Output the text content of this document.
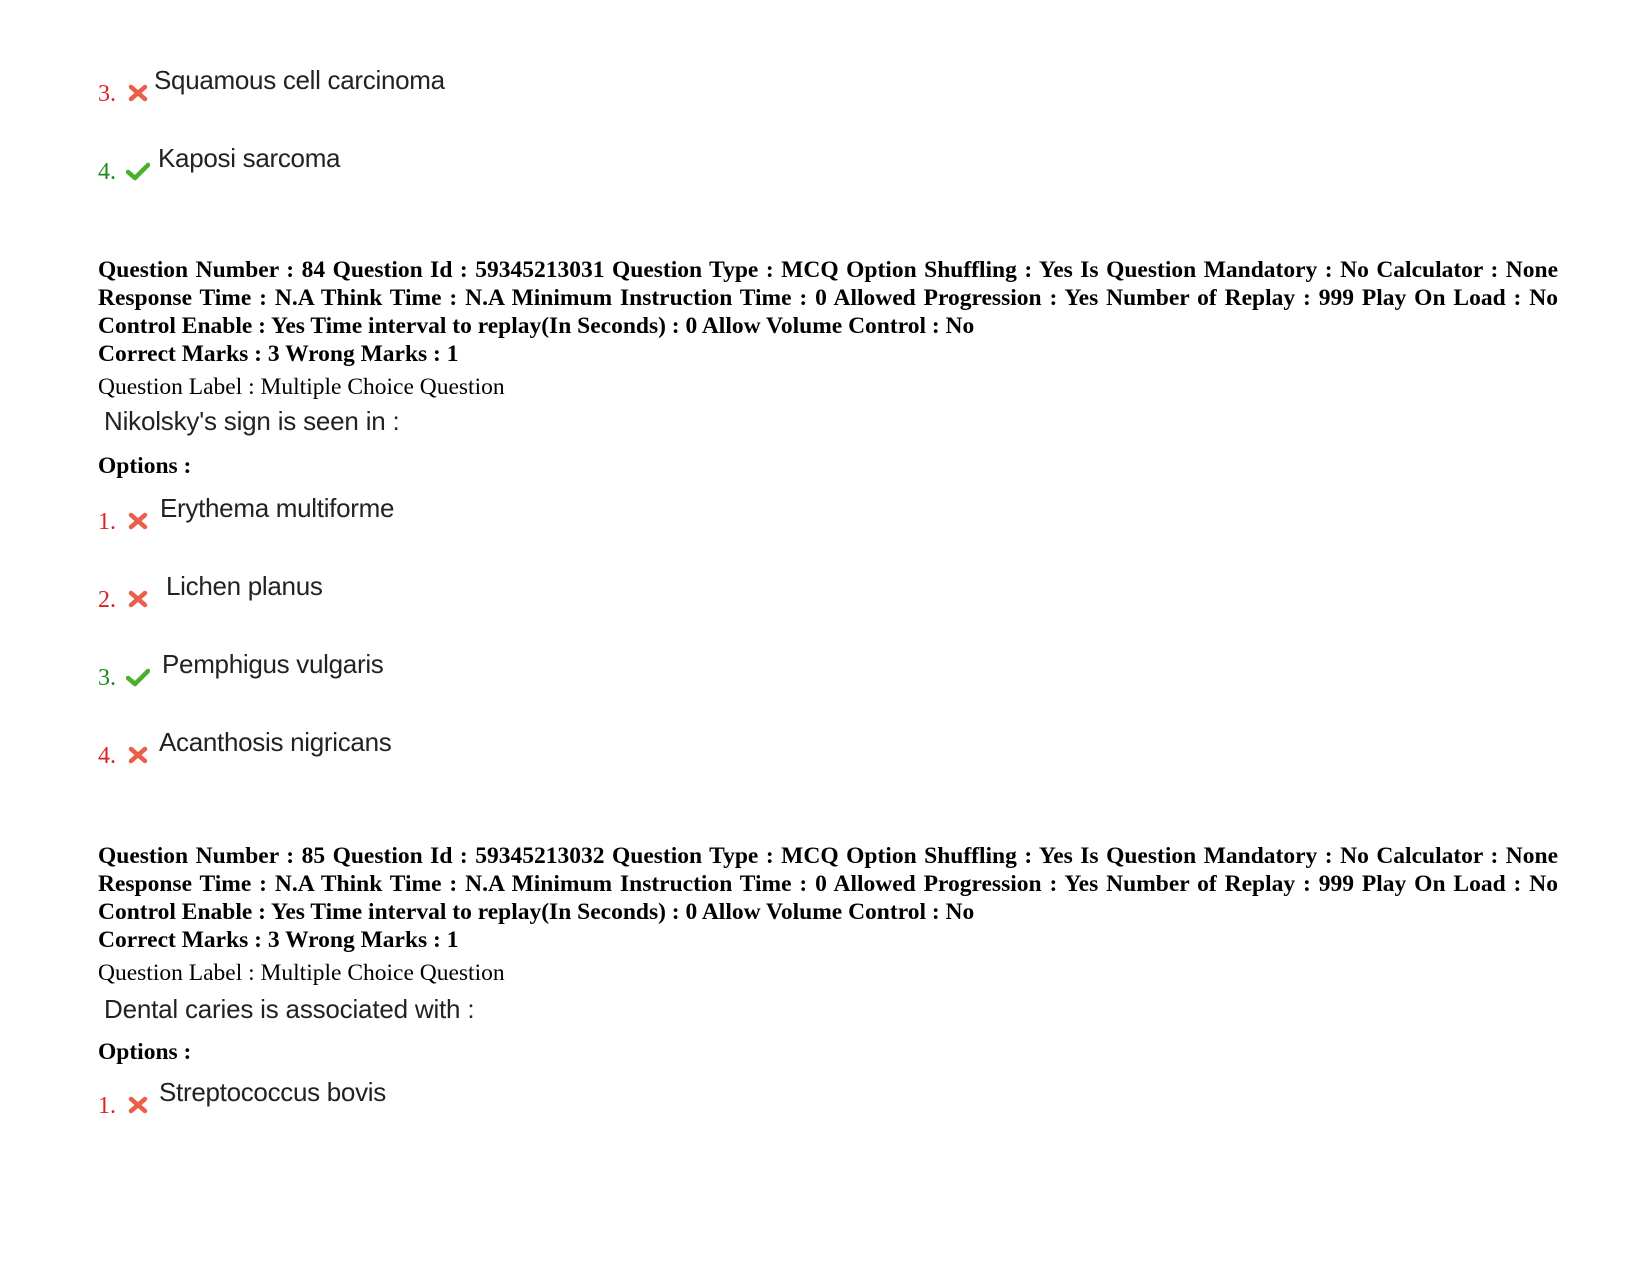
3. Squamous cell carcinoma
4. Kaposi sarcoma
Question Number : 84 Question Id : 59345213031 Question Type : MCQ Option Shuffling : Yes Is Question Mandatory : No Calculator : None Response Time : N.A Think Time : N.A Minimum Instruction Time : 0 Allowed Progression : Yes Number of Replay : 999 Play On Load : No Control Enable : Yes Time interval to replay(In Seconds) : 0 Allow Volume Control : No
Correct Marks : 3 Wrong Marks : 1
Question Label : Multiple Choice Question
Nikolsky's sign is seen in :
Options :
1. Erythema multiforme
2. Lichen planus
3. Pemphigus vulgaris
4. Acanthosis nigricans
Question Number : 85 Question Id : 59345213032 Question Type : MCQ Option Shuffling : Yes Is Question Mandatory : No Calculator : None Response Time : N.A Think Time : N.A Minimum Instruction Time : 0 Allowed Progression : Yes Number of Replay : 999 Play On Load : No Control Enable : Yes Time interval to replay(In Seconds) : 0 Allow Volume Control : No
Correct Marks : 3 Wrong Marks : 1
Question Label : Multiple Choice Question
Dental caries is associated with :
Options :
1. Streptococcus bovis
